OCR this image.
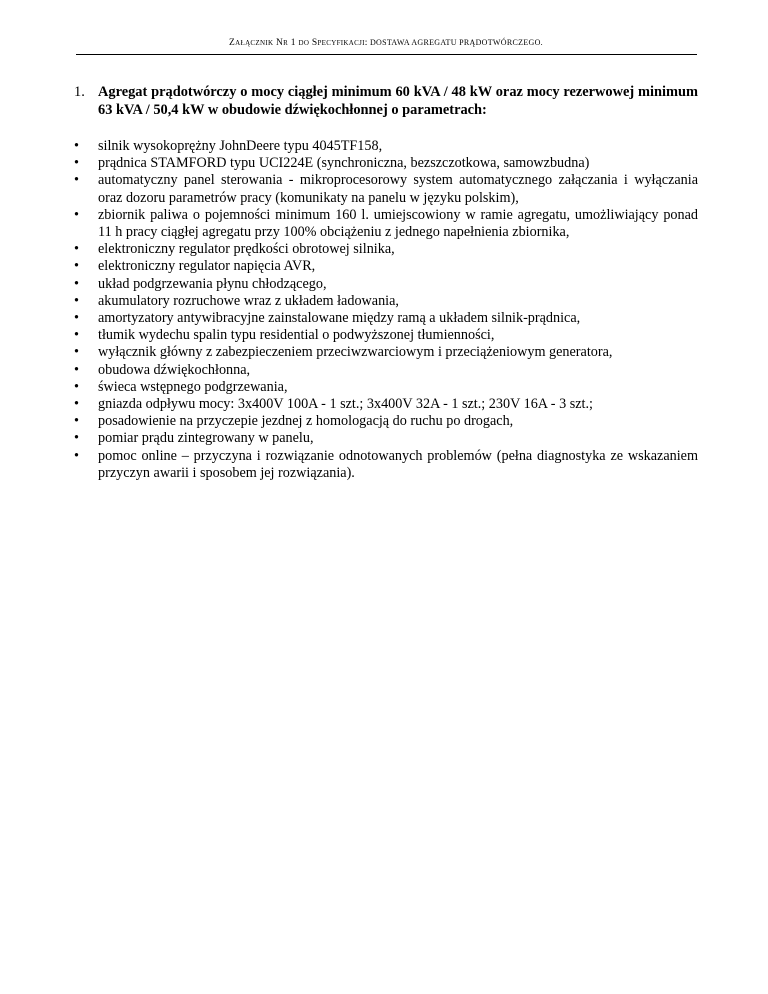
Załącznik Nr 1 do Specyfikacji: DOSTAWA AGREGATU PRĄDOTWÓRCZEGO.
1. Agregat prądotwórczy o mocy ciągłej minimum 60 kVA / 48 kW oraz mocy rezerwowej minimum 63 kVA / 50,4 kW w obudowie dźwiękochłonnej o parametrach:
•
silnik wysokoprężny JohnDeere typu 4045TF158,
•
prądnica STAMFORD typu UCI224E (synchroniczna, bezszczotkowa, samowzbudna)
•
automatyczny panel sterowania - mikroprocesorowy system automatycznego załączania i wyłączania oraz dozoru parametrów pracy (komunikaty na panelu w języku polskim),
•
zbiornik paliwa o pojemności minimum 160 l. umiejscowiony w ramie agregatu, umożliwiający ponad 11 h pracy ciągłej agregatu przy 100% obciążeniu z jednego napełnienia zbiornika,
•
elektroniczny regulator prędkości obrotowej silnika,
•
elektroniczny regulator napięcia AVR,
•
układ podgrzewania płynu chłodzącego,
•
akumulatory rozruchowe wraz z układem ładowania,
•
amortyzatory antywibracyjne zainstalowane między ramą a układem silnik-prądnica,
•
tłumik wydechu spalin typu residential o podwyższonej tłumienności,
•
wyłącznik główny z zabezpieczeniem przeciwzwarciowym i przeciążeniowym generatora,
•
obudowa dźwiękochłonna,
•
świeca wstępnego podgrzewania,
•
gniazda odpływu mocy: 3x400V 100A - 1 szt.; 3x400V 32A - 1 szt.; 230V 16A - 3 szt.;
•
posadowienie na przyczepie jezdnej z homologacją do ruchu po drogach,
•
pomiar prądu zintegrowany w panelu,
•
pomoc online – przyczyna i rozwiązanie odnotowanych problemów (pełna diagnostyka ze wskazaniem przyczyn awarii i sposobem jej rozwiązania).
